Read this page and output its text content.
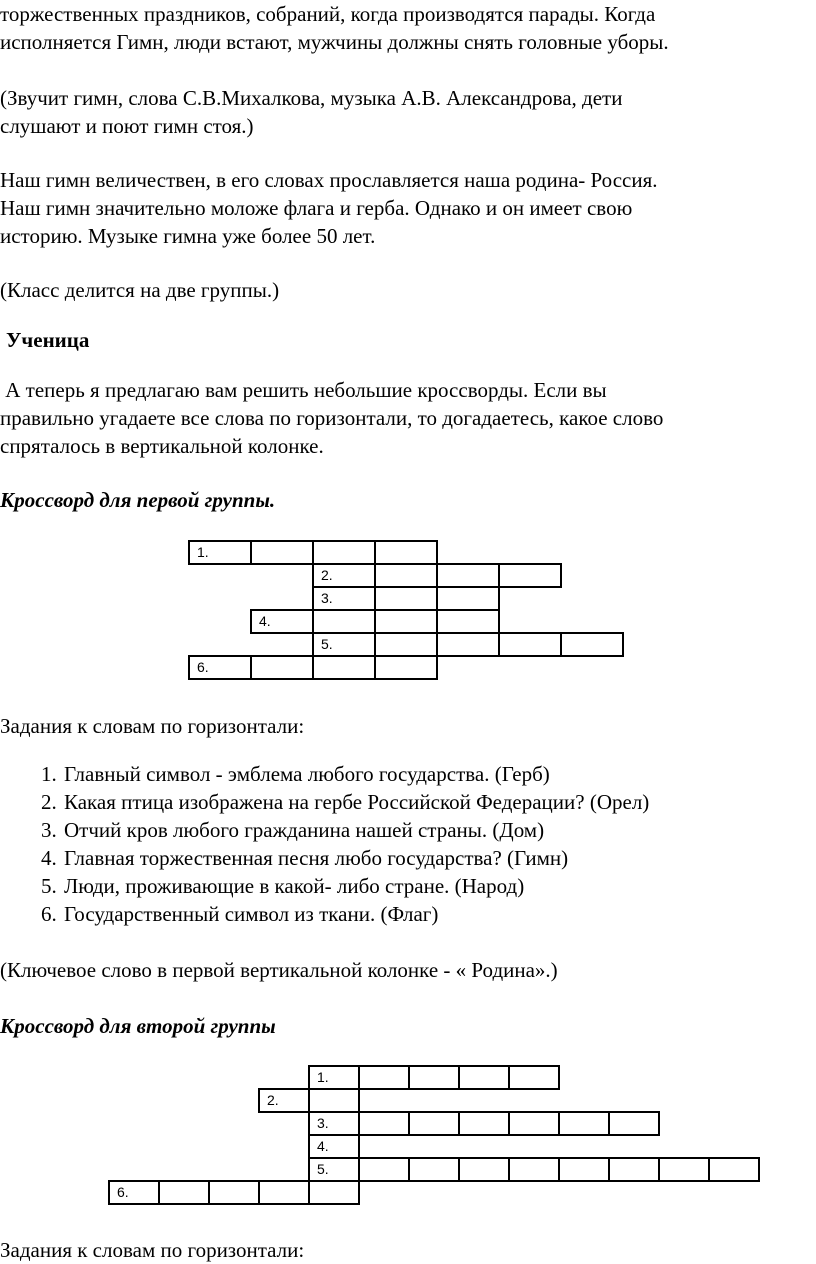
торжественных праздников, собраний, когда производятся парады. Когда

исполняется Гимн, люди встают, мужчины должны снять головные уборы.

(Звучит гимн, слова С.В.Михалкова, музыка А.В. Александрова, дети

слушают и поют гимн стоя.)

Наш гимн величествен, в его словах прославляется наша родина- Россия.

Наш гимн значительно моложе флага и герба. Однако и он имеет свою

историю. Музыке гимна уже более 50 лет.

(Класс делится на две группы.)

Ученица

А теперь я предлагаю вам решить небольшие кроссворды. Если вы

правильно угадаете все слова по горизонтали, то догадаетесь, какое слово

спряталось в вертикальной колонке.

Кроссворд для первой группы.

1.
2.
3.
4.
5.
6.

Задания к словам по горизонтали:

1. Главный символ - эмблема любого государства. (Герб)
2. Какая птица изображена на гербе Российской Федерации? (Орел)
3. Отчий кров любого гражданина нашей страны. (Дом)
4. Главная торжественная песня любо государства? (Гимн)
5. Люди, проживающие в какой- либо стране. (Народ)
6. Государственный символ из ткани. (Флаг)

(Ключевое слово в первой вертикальной колонке - « Родина».)

Кроссворд для второй группы

1.
2.
3.
4.
5.
6.

Задания к словам по горизонтали:
